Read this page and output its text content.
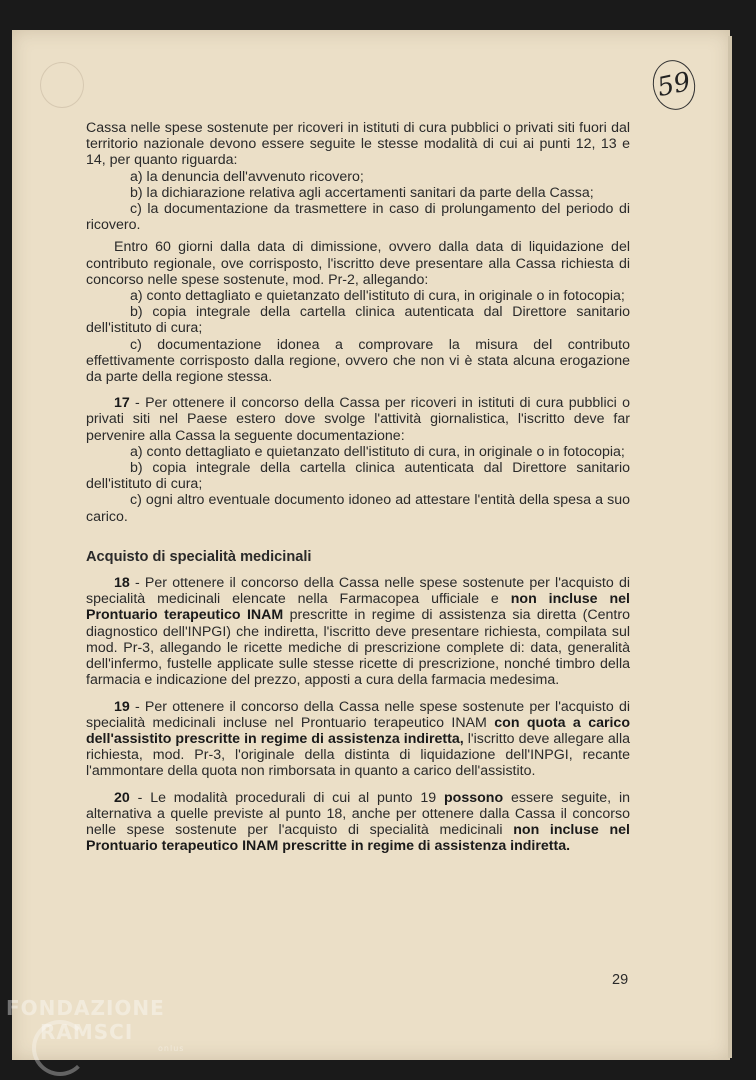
59

Cassa nelle spese sostenute per ricoveri in istituti di cura pubblici o privati siti fuori dal territorio nazionale devono essere seguite le stesse modalità di cui ai punti 12, 13 e 14, per quanto riguarda:

a) la denuncia dell'avvenuto ricovero;

b) la dichiarazione relativa agli accertamenti sanitari da parte della Cassa;

c) la documentazione da trasmettere in caso di prolungamento del periodo di ricovero.

Entro 60 giorni dalla data di dimissione, ovvero dalla data di liquidazione del contributo regionale, ove corrisposto, l'iscritto deve presentare alla Cassa richiesta di concorso nelle spese sostenute, mod. Pr-2, allegando:

a) conto dettagliato e quietanzato dell'istituto di cura, in originale o in fotocopia;

b) copia integrale della cartella clinica autenticata dal Direttore sanitario dell'istituto di cura;

c) documentazione idonea a comprovare la misura del contributo effettivamente corrisposto dalla regione, ovvero che non vi è stata alcuna erogazione da parte della regione stessa.

17 - Per ottenere il concorso della Cassa per ricoveri in istituti di cura pubblici o privati siti nel Paese estero dove svolge l'attività giornalistica, l'iscritto deve far pervenire alla Cassa la seguente documentazione:

a) conto dettagliato e quietanzato dell'istituto di cura, in originale o in fotocopia;

b) copia integrale della cartella clinica autenticata dal Direttore sanitario dell'istituto di cura;

c) ogni altro eventuale documento idoneo ad attestare l'entità della spesa a suo carico.

Acquisto di specialità medicinali

18 - Per ottenere il concorso della Cassa nelle spese sostenute per l'acquisto di specialità medicinali elencate nella Farmacopea ufficiale e non incluse nel Prontuario terapeutico INAM prescritte in regime di assistenza sia diretta (Centro diagnostico dell'INPGI) che indiretta, l'iscritto deve presentare richiesta, compilata sul mod. Pr-3, allegando le ricette mediche di prescrizione complete di: data, generalità dell'infermo, fustelle applicate sulle stesse ricette di prescrizione, nonché timbro della farmacia e indicazione del prezzo, apposti a cura della farmacia medesima.

19 - Per ottenere il concorso della Cassa nelle spese sostenute per l'acquisto di specialità medicinali incluse nel Prontuario terapeutico INAM con quota a carico dell'assistito prescritte in regime di assistenza indiretta, l'iscritto deve allegare alla richiesta, mod. Pr-3, l'originale della distinta di liquidazione dell'INPGI, recante l'ammontare della quota non rimborsata in quanto a carico dell'assistito.

20 - Le modalità procedurali di cui al punto 19 possono essere seguite, in alternativa a quelle previste al punto 18, anche per ottenere dalla Cassa il concorso nelle spese sostenute per l'acquisto di specialità medicinali non incluse nel Prontuario terapeutico INAM prescritte in regime di assistenza indiretta.

29
FONDAZIONE
RAMSCI
onlus
